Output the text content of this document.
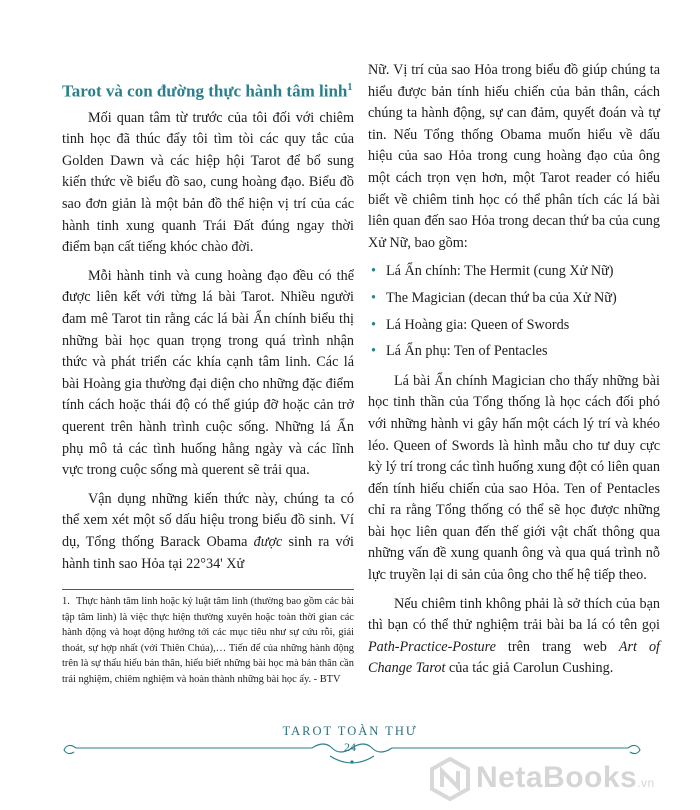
Tarot và con đường thực hành tâm linh$^1$

Mối quan tâm từ trước của tôi đối với chiêm tinh học đã thúc đẩy tôi tìm tòi các quy tắc của Golden Dawn và các hiệp hội Tarot để bổ sung kiến thức về biểu đồ sao, cung hoàng đạo. Biểu đồ sao đơn giản là một bản đồ thể hiện vị trí của các hành tinh xung quanh Trái Đất đúng ngay thời điểm bạn cất tiếng khóc chào đời.

Mỗi hành tinh và cung hoàng đạo đều có thể được liên kết với từng lá bài Tarot. Nhiều người đam mê Tarot tin rằng các lá bài Ẩn chính biểu thị những bài học quan trọng trong quá trình nhận thức và phát triển các khía cạnh tâm linh. Các lá bài Hoàng gia thường đại diện cho những đặc điểm tính cách hoặc thái độ có thể giúp đỡ hoặc cản trở querent trên hành trình cuộc sống. Những lá Ẩn phụ mô tả các tình huống hằng ngày và các lĩnh vực trong cuộc sống mà querent sẽ trải qua.

Vận dụng những kiến thức này, chúng ta có thể xem xét một số dấu hiệu trong biểu đồ sinh. Ví dụ, Tổng thống Barack Obama được sinh ra với hành tinh sao Hỏa tại 22°34' Xử

1. Thực hành tâm linh hoặc kỷ luật tâm linh (thường bao gồm các bài tập tâm linh) là việc thực hiện thường xuyên hoặc toàn thời gian các hành động và hoạt động hướng tới các mục tiêu như sự cứu rỗi, giải thoát, sự hợp nhất (với Thiên Chúa),… Tiến để của những hành động trên là sự thấu hiểu bản thân, hiểu biết những bài học mà bản thân cần trải nghiệm, chiêm nghiệm và hoàn thành những bài học ấy. - BTV

Nữ. Vị trí của sao Hỏa trong biểu đồ giúp chúng ta hiểu được bản tính hiếu chiến của bản thân, cách chúng ta hành động, sự can đảm, quyết đoán và tự tin. Nếu Tổng thống Obama muốn hiểu về dấu hiệu của sao Hỏa trong cung hoàng đạo của ông một cách trọn vẹn hơn, một Tarot reader có hiểu biết về chiêm tinh học có thể phân tích các lá bài liên quan đến sao Hỏa trong decan thứ ba của cung Xử Nữ, bao gồm:

• Lá Ẩn chính: The Hermit (cung Xử Nữ)
• The Magician (decan thứ ba của Xử Nữ)
• Lá Hoàng gia: Queen of Swords
• Lá Ẩn phụ: Ten of Pentacles

Lá bài Ẩn chính Magician cho thấy những bài học tinh thần của Tổng thống là học cách đối phó với những hành vi gây hấn một cách lý trí và khéo léo. Queen of Swords là hình mẫu cho tư duy cực kỳ lý trí trong các tình huống xung đột có liên quan đến tính hiếu chiến của sao Hỏa. Ten of Pentacles chỉ ra rằng Tổng thống có thể sẽ học được những bài học liên quan đến thế giới vật chất thông qua những vấn đề xung quanh ông và qua quá trình nỗ lực truyền lại di sản của ông cho thế hệ tiếp theo.

Nếu chiêm tinh không phải là sở thích của bạn thì bạn có thể thử nghiệm trải bài ba lá có tên gọi Path-Practice-Posture trên trang web Art of Change Tarot của tác giả Carolun Cushing.

TAROT TOÀN THƯ
24
NetaBooks.vn
